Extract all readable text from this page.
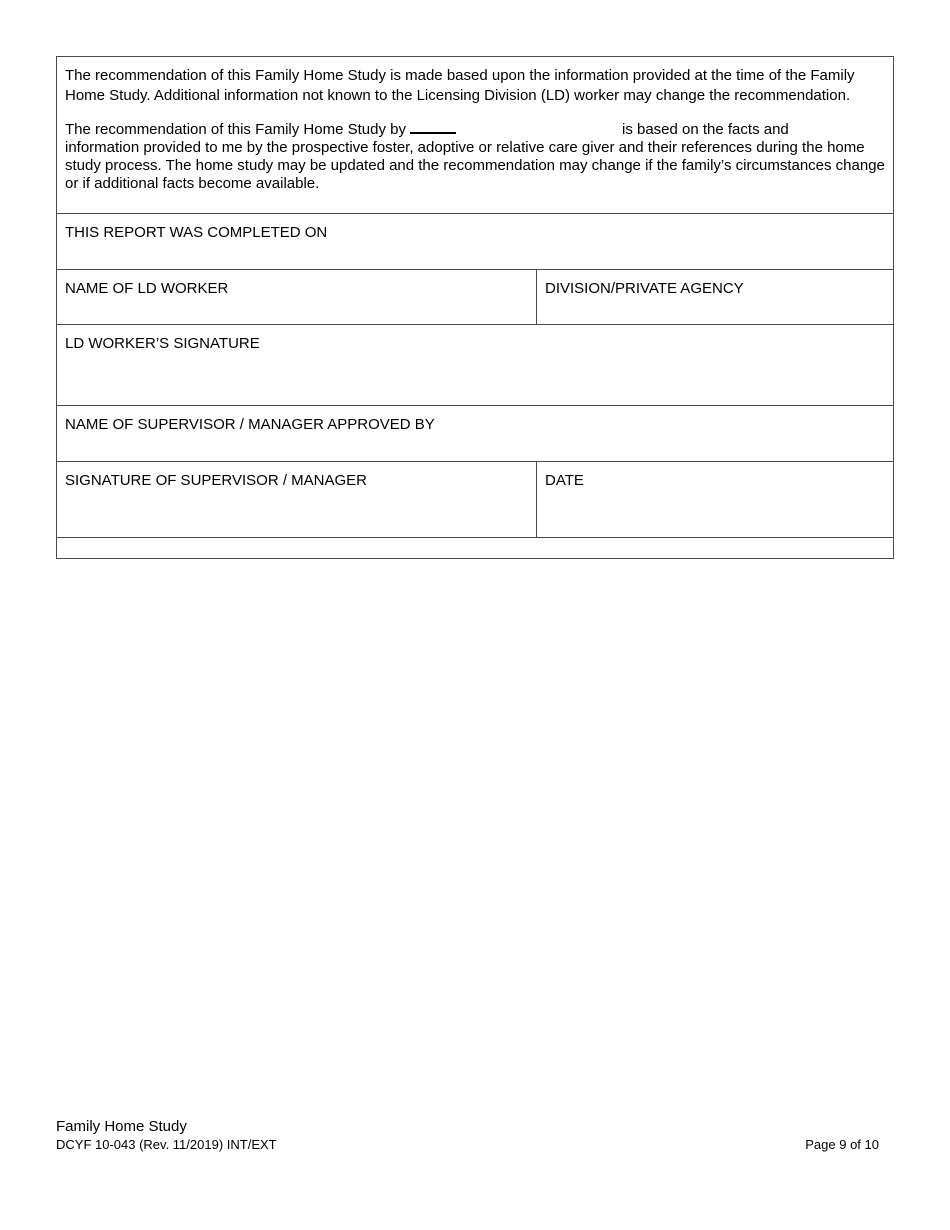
The recommendation of this Family Home Study is made based upon the information provided at the time of the Family Home Study. Additional information not known to the Licensing Division (LD) worker may change the recommendation.

The recommendation of this Family Home Study by is based on the facts and
information provided to me by the prospective foster, adoptive or relative care giver and their references during the home study process. The home study may be updated and the recommendation may change if the family’s circumstances change or if additional facts become available.	

THIS REPORT WAS COMPLETED ON	
NAME OF LD WORKER	DIVISION/PRIVATE AGENCY
LD WORKER’S SIGNATURE	
NAME OF SUPERVISOR / MANAGER APPROVED BY	
SIGNATURE OF SUPERVISOR / MANAGER	DATE

Family Home Study
DCYF 10-043 (Rev. 11/2019) INT/EXT	Page 9 of 10
